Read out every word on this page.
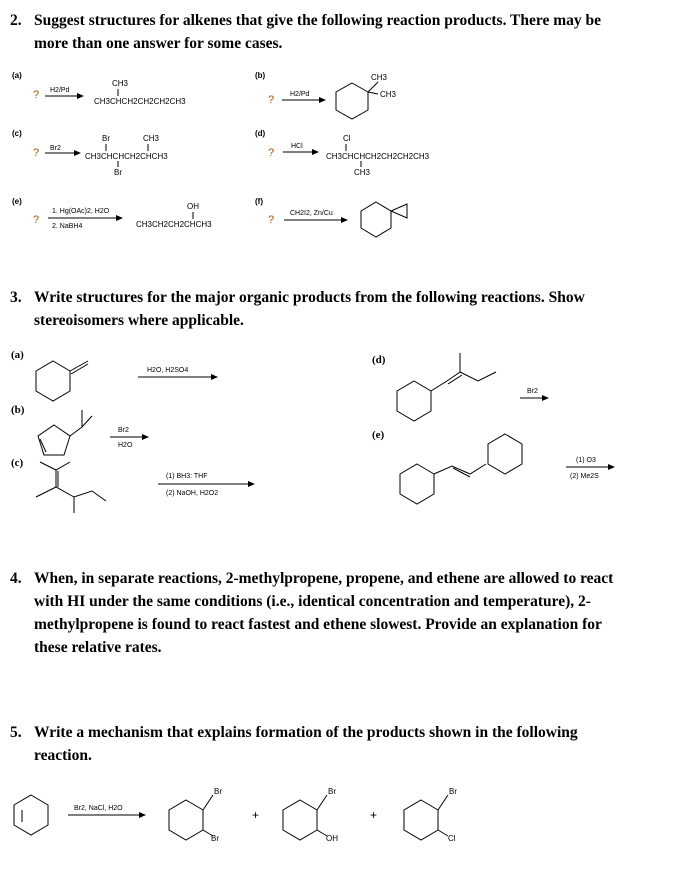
2. Suggest structures for alkenes that give the following reaction products. There may be
more than one answer for some cases.
3. Write structures for the major organic products from the following reactions. Show
stereoisomers where applicable.
4. When, in separate reactions, 2-methylpropene, propene, and ethene are allowed to react
with HI under the same conditions (i.e., identical concentration and temperature), 2-
methylpropene is found to react fastest and ethene slowest. Provide an explanation for
these relative rates.
5. Write a mechanism that explains formation of the products shown in the following
reaction.
(a)
? H2/Pd
CH3
CH3CHCH2CH2CH2CH3
(b)
? H2/Pd
CH3
CH3
(c)
? Br2
Br	CH3
CH3CHCHCH2CHCH3
Br
(d)
?
HCl
Cl
CH3CHCHCH2CH2CH2CH3
CH3
(e)
?
1. Hg(OAc)2, H2O
2. NaBH4
OH
CH3CH2CH2CHCH3
(f)
?
CH2I2, Zn/Cu
(a)
H2O, H2SO4
(b)
Br2
H2O
(c)
(1) BH3: THF
(2) NaOH, H2O2
(d)
Br2
(e)
(1) O3
(2) Me2S
Br2, NaCl, H2O
Br
Br
+
Br
OH
+
Br
Cl
